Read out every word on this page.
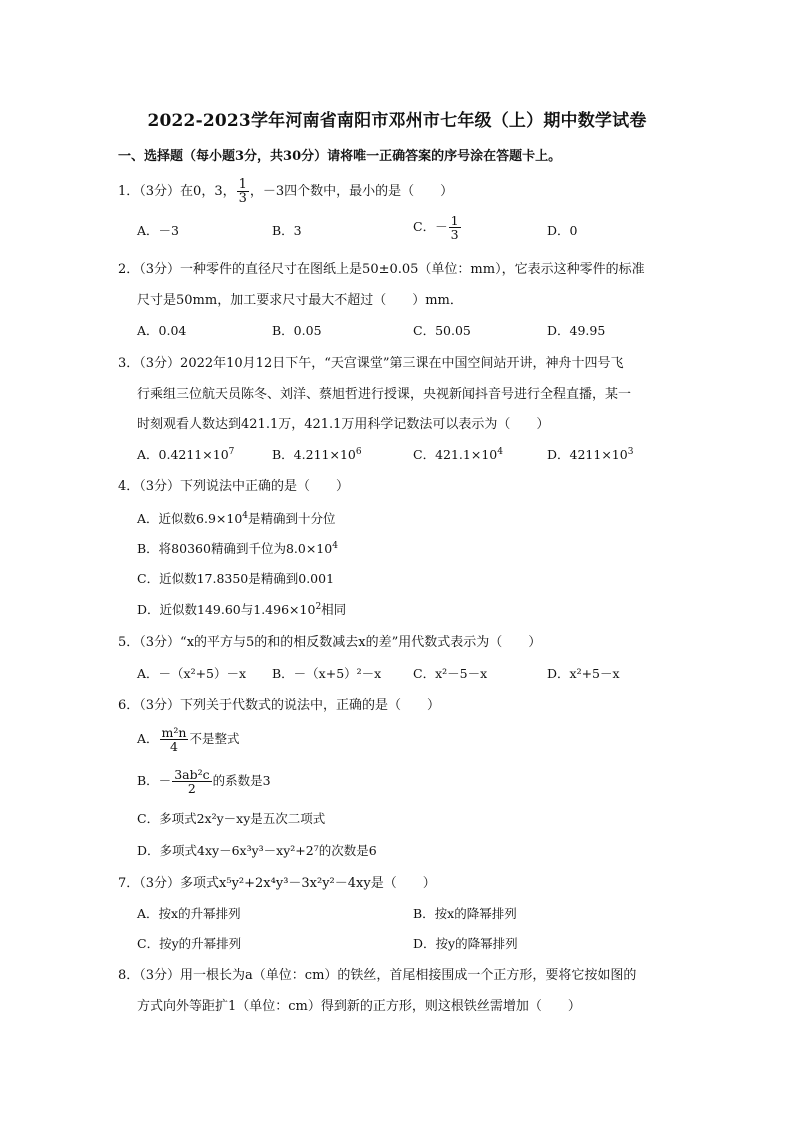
2022-2023学年河南省南阳市邓州市七年级（上）期中数学试卷
一、选择题（每小题3分，共30分）请将唯一正确答案的序号涂在答题卡上。
1．（3分）在0，3， $\frac{1}{3}$ ，－3四个数中，最小的是（　　）
A．－3	B．3	C．－ $\frac{1}{3}$	D．0
2．（3分）一种零件的直径尺寸在图纸上是50±0.05（单位：mm），它表示这种零件的标准
尺寸是50mm，加工要求尺寸最大不超过（　　）mm．
A．0.04	B．0.05	C．50.05	D．49.95
3．（3分）2022年10月12日下午，“天宫课堂”第三课在中国空间站开讲，神舟十四号飞
行乘组三位航天员陈冬、刘洋、蔡旭哲进行授课，央视新闻抖音号进行全程直播，某一
时刻观看人数达到421.1万，421.1万用科学记数法可以表示为（　　）
A．$0.4211\times 10^7$	B．$4.211\times 10^6$	C．$421.1\times 10^4$	D．$4211\times 10^3$
4．（3分）下列说法中正确的是（　　）
A．近似数$6.9\times 10^4$是精确到十分位
B．将80360精确到千位为$8.0\times 10^4$
C．近似数17.8350是精确到0.001
D．近似数149.60与$1.496\times 10^2$相同
5．（3分）“x的平方与5的和的相反数减去x的差”用代数式表示为（　　）
A．－（x²+5）－x B．－（x+5）²－x	C．x²－5－x	D．x²+5－x
6．（3分）下列关于代数式的说法中，正确的是（　　）
A． $\frac{\text{m²n}}{4}$ 不是整式
B．－ $\frac{\text{3ab²c}}{2}$ 的系数是3
C．多项式2x²y－xy是五次二项式
D．多项式4xy－6x³y³－xy²+2⁷的次数是6
7．（3分）多项式x⁵y²+2x⁴y³－3x²y²－4xy是（　　）
A．按x的升幂排列	B．按x的降幂排列
C．按y的升幂排列	D．按y的降幂排列
8．（3分）用一根长为a（单位：cm）的铁丝，首尾相接围成一个正方形，要将它按如图的
方式向外等距扩1（单位：cm）得到新的正方形，则这根铁丝需增加（　　）
